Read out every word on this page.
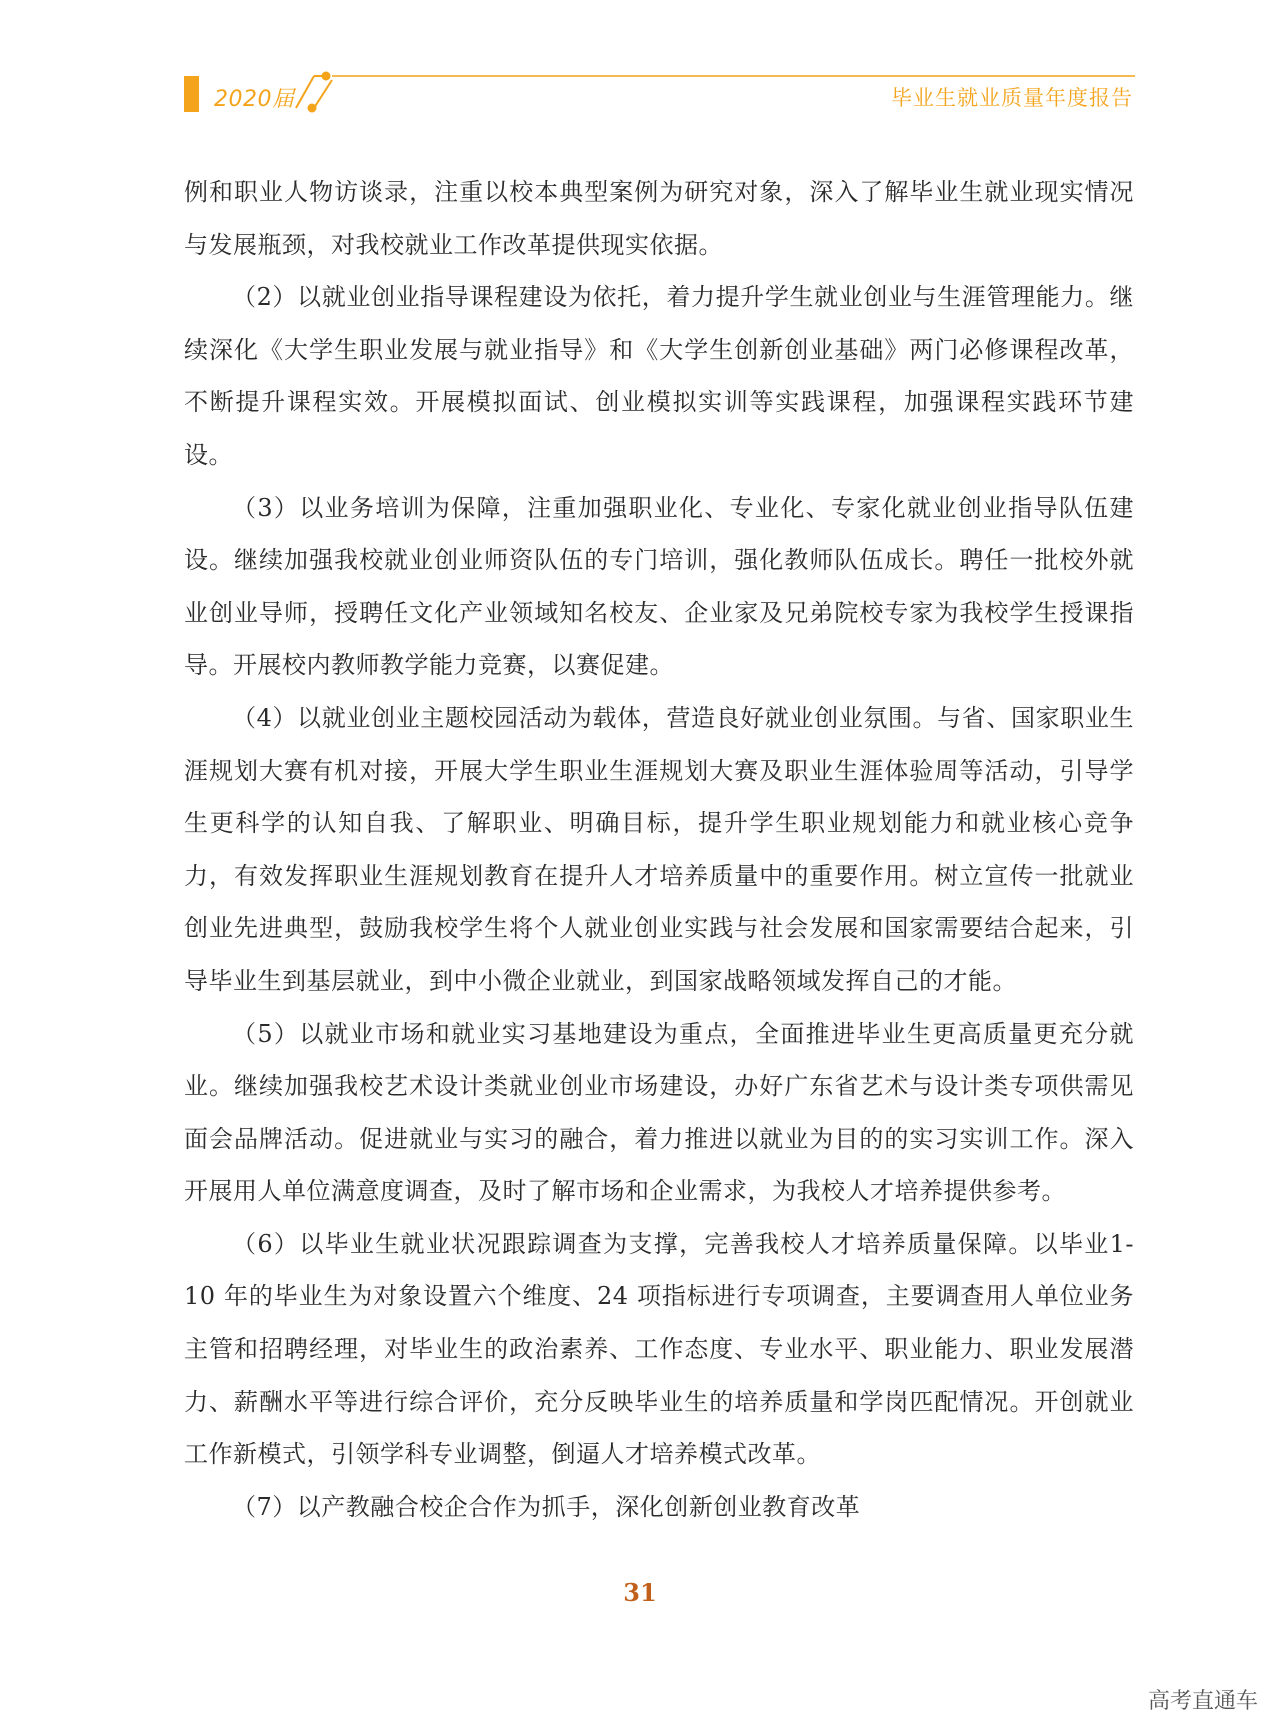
2020届	毕业生就业质量年度报告

例和职业人物访谈录，注重以校本典型案例为研究对象，深入了解毕业生就业现实情况与发展瓶颈，对我校就业工作改革提供现实依据。

（2）以就业创业指导课程建设为依托，着力提升学生就业创业与生涯管理能力。继续深化《大学生职业发展与就业指导》和《大学生创新创业基础》两门必修课程改革，不断提升课程实效。开展模拟面试、创业模拟实训等实践课程，加强课程实践环节建设。

（3）以业务培训为保障，注重加强职业化、专业化、专家化就业创业指导队伍建设。继续加强我校就业创业师资队伍的专门培训，强化教师队伍成长。聘任一批校外就业创业导师，授聘任文化产业领域知名校友、企业家及兄弟院校专家为我校学生授课指导。开展校内教师教学能力竞赛，以赛促建。

（4）以就业创业主题校园活动为载体，营造良好就业创业氛围。与省、国家职业生涯规划大赛有机对接，开展大学生职业生涯规划大赛及职业生涯体验周等活动，引导学生更科学的认知自我、了解职业、明确目标，提升学生职业规划能力和就业核心竞争力，有效发挥职业生涯规划教育在提升人才培养质量中的重要作用。树立宣传一批就业创业先进典型，鼓励我校学生将个人就业创业实践与社会发展和国家需要结合起来，引导毕业生到基层就业，到中小微企业就业，到国家战略领域发挥自己的才能。

（5）以就业市场和就业实习基地建设为重点，全面推进毕业生更高质量更充分就业。继续加强我校艺术设计类就业创业市场建设，办好广东省艺术与设计类专项供需见面会品牌活动。促进就业与实习的融合，着力推进以就业为目的的实习实训工作。深入开展用人单位满意度调查，及时了解市场和企业需求，为我校人才培养提供参考。

（6）以毕业生就业状况跟踪调查为支撑，完善我校人才培养质量保障。以毕业1-10 年的毕业生为对象设置六个维度、24 项指标进行专项调查，主要调查用人单位业务主管和招聘经理，对毕业生的政治素养、工作态度、专业水平、职业能力、职业发展潜力、薪酬水平等进行综合评价，充分反映毕业生的培养质量和学岗匹配情况。开创就业工作新模式，引领学科专业调整，倒逼人才培养模式改革。

（7）以产教融合校企合作为抓手，深化创新创业教育改革

31
高考直通车
